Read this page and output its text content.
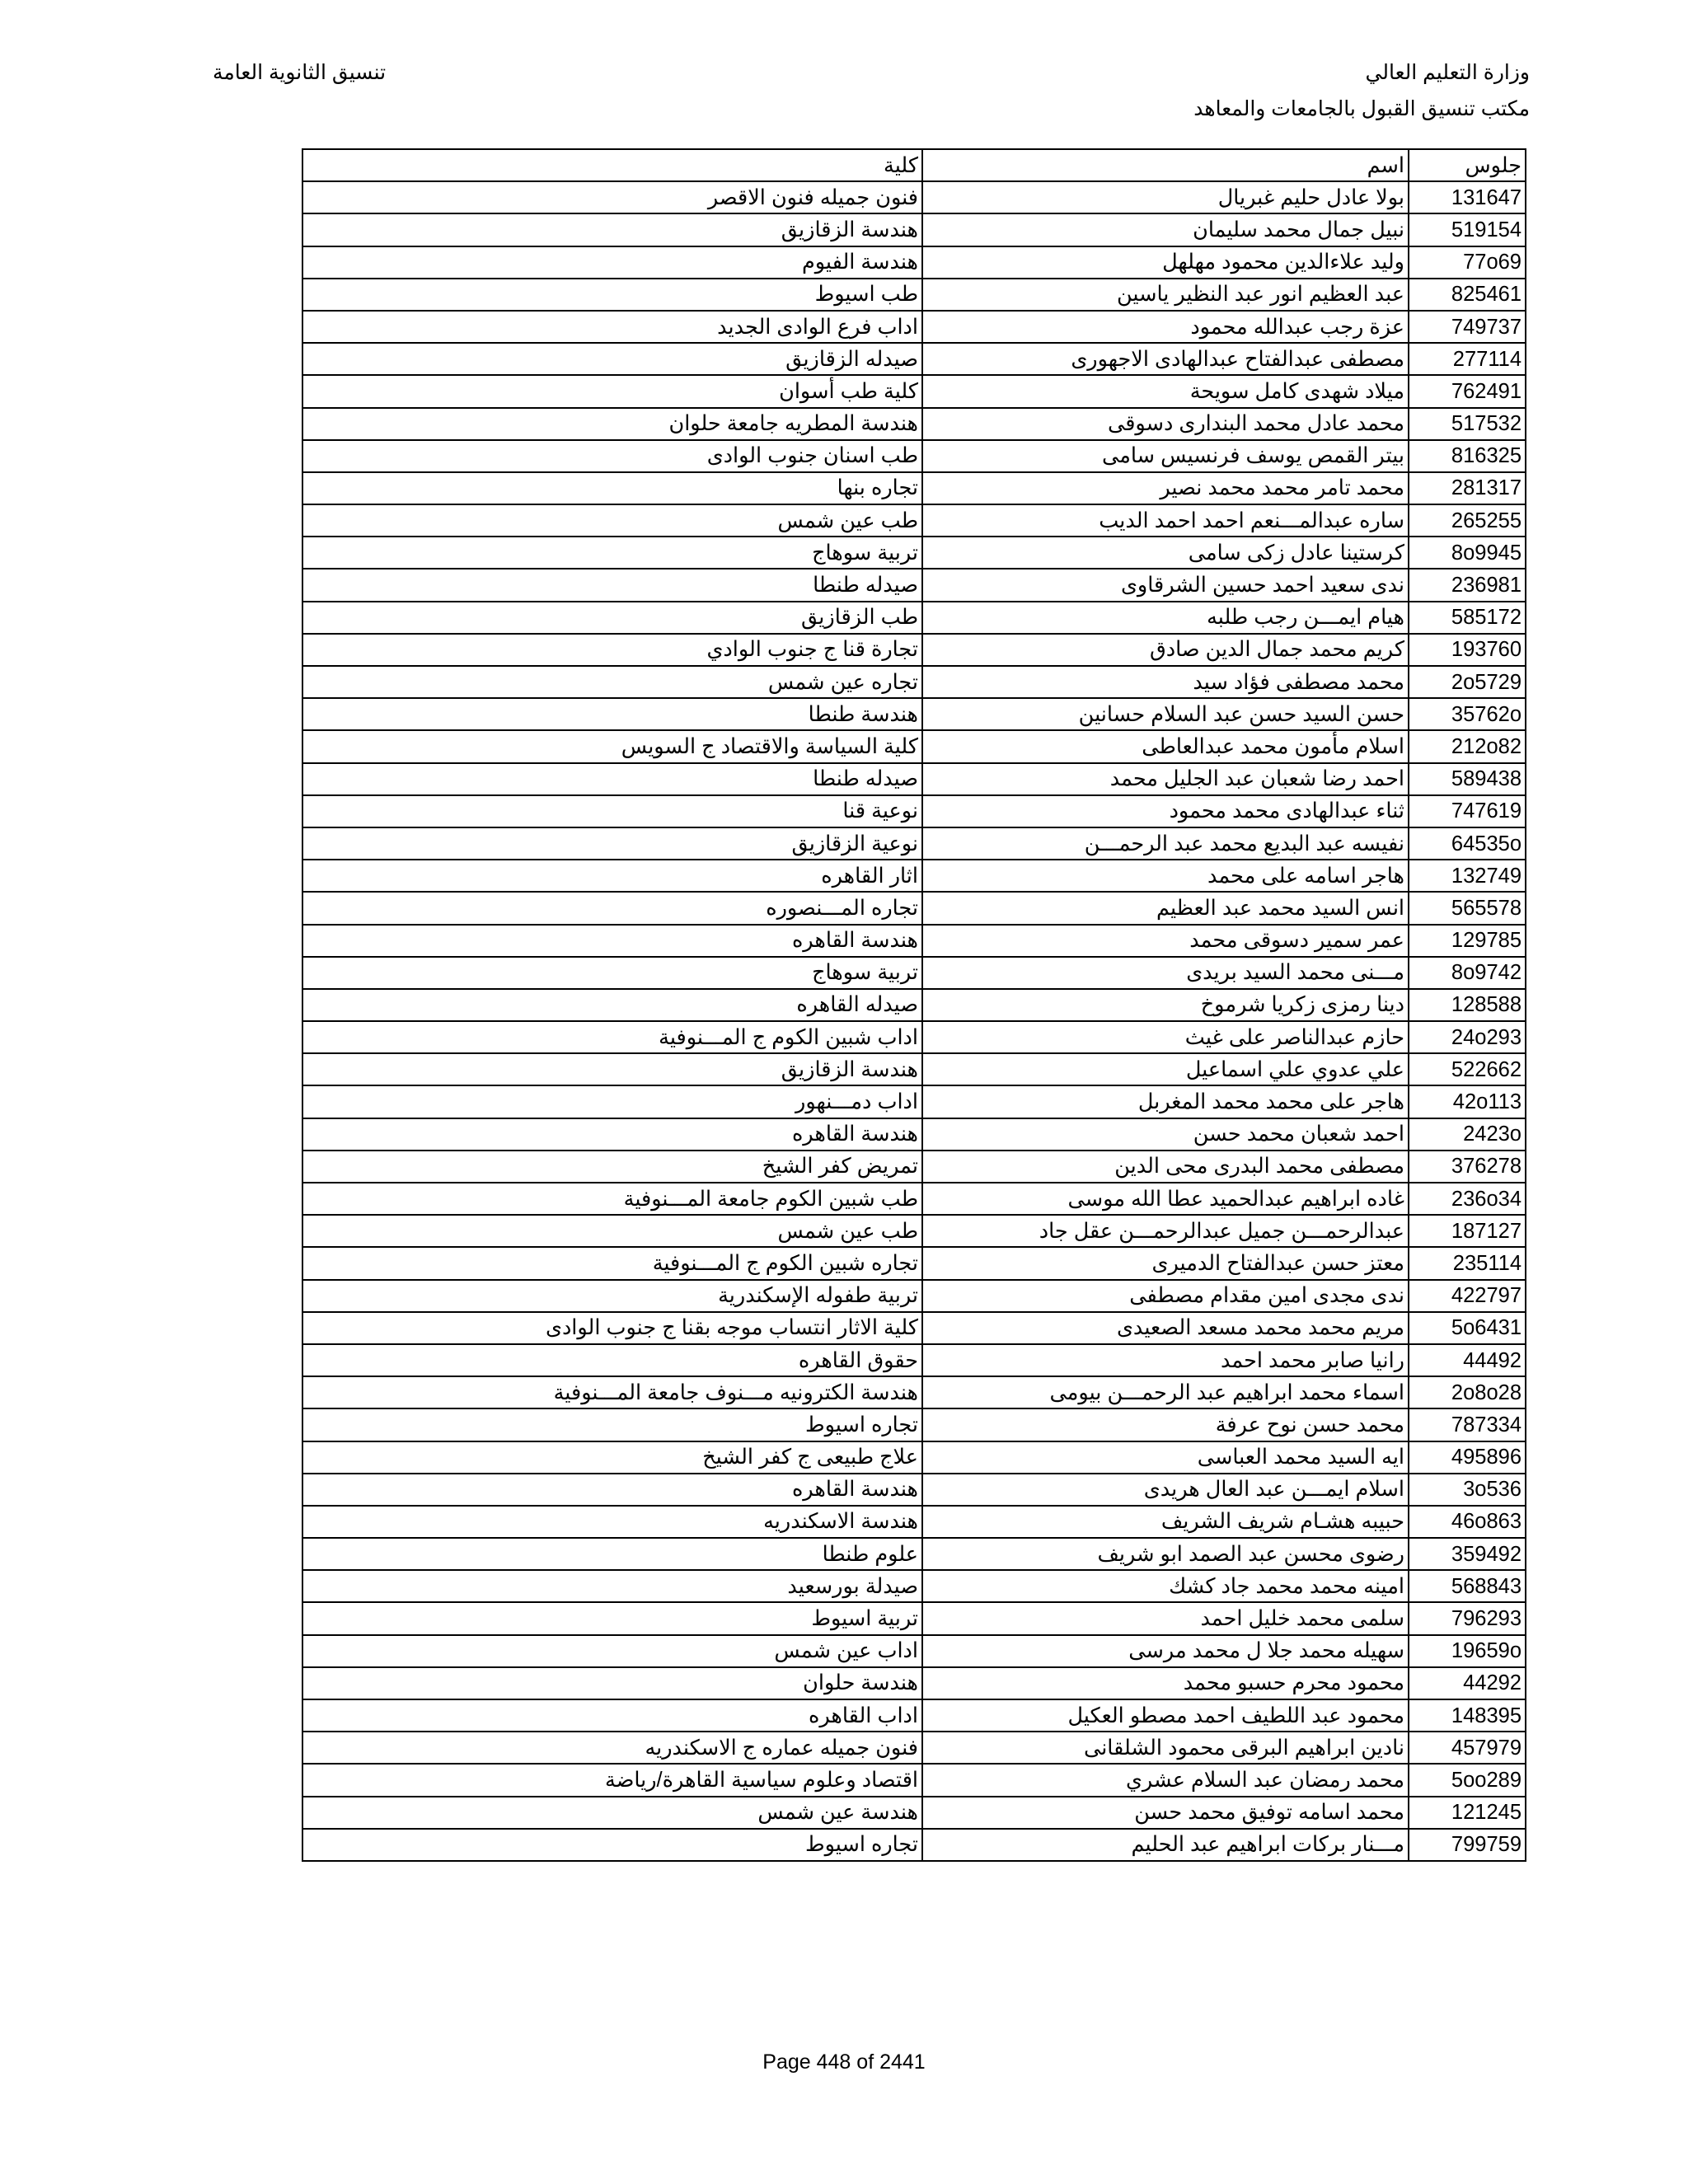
وزارة التعليم العالي
مكتب تنسيق القبول بالجامعات والمعاهد
تنسيق الثانوية العامة
جلوس	اسم	كلية
131647	بولا عادل حليم غبريال	فنون جميله فنون الاقصر
519154	نبيل جمال محمد سليمان	هندسة الزقازيق
77o69	وليد علاءالدين محمود مهلهل	هندسة الفيوم
825461	عبد العظيم انور عبد النظير ياسين	طب اسيوط
749737	عزة رجب عبدالله محمود	اداب فرع الوادى الجديد
277114	مصطفى عبدالفتاح عبدالهادى الاجهورى	صيدله الزقازيق
762491	ميلاد شهدى كامل سويحة	كلية طب أسوان
517532	محمد عادل محمد البندارى دسوقى	هندسة المطريه جامعة حلوان
816325	بيتر القمص يوسف فرنسيس سامى	طب اسنان جنوب الوادى
281317	محمد تامر محمد محمد نصير	تجاره بنها
265255	ساره عبدالمـــنعم احمد احمد الديب	طب عين شمس
8o9945	كرستينا عادل زكى سامى	تربية سوهاج
236981	ندى سعيد احمد حسين الشرقاوى	صيدله طنطا
585172	هيام ايمـــن رجب طلبه	طب الزقازيق
193760	كريم محمد جمال الدين صادق	تجارة قنا ج جنوب الوادي
2o5729	محمد مصطفى فؤاد سيد	تجاره عين شمس
35762o	حسن السيد حسن عبد السلام حسانين	هندسة طنطا
212o82	اسلام مأمون محمد عبدالعاطى	كلية السياسة والاقتصاد ج السويس
589438	احمد رضا شعبان عبد الجليل محمد	صيدله طنطا
747619	ثناء عبدالهادى محمد محمود	نوعية قنا
64535o	نفيسه عبد البديع محمد عبد الرحمـــن	نوعية الزقازيق
132749	هاجر اسامه على محمد	اثار القاهره
565578	انس السيد محمد عبد العظيم	تجاره المـــنصوره
129785	عمر سمير دسوقى محمد	هندسة القاهره
8o9742	مـــنى محمد السيد بريدى	تربية سوهاج
128588	دينا رمزى زكريا شرموخ	صيدله القاهره
24o293	حازم عبدالناصر على غيث	اداب شبين الكوم ج المـــنوفية
522662	علي عدوي علي اسماعيل	هندسة الزقازيق
42o113	هاجر على محمد محمد المغربل	اداب دمـــنهور
2423o	احمد شعبان محمد حسن	هندسة القاهره
376278	مصطفى محمد البدرى محى الدين	تمريض كفر الشيخ
236o34	غاده ابراهيم عبدالحميد عطا الله موسى	طب شبين الكوم جامعة المـــنوفية
187127	عبدالرحمـــن جميل عبدالرحمـــن عقل جاد	طب عين شمس
235114	معتز حسن عبدالفتاح الدميرى	تجاره شبين الكوم ج المـــنوفية
422797	ندى مجدى امين مقدام مصطفى	تربية طفوله الإسكندرية
5o6431	مريم محمد محمد مسعد الصعيدى	كلية الاثار انتساب موجه بقنا ج جنوب الوادى
44492	رانيا صابر محمد احمد	حقوق القاهره
2o8o28	اسماء محمد ابراهيم عبد الرحمـــن بيومى	هندسة الكترونيه مـــنوف جامعة المـــنوفية
787334	محمد حسن نوح عرفة	تجاره اسيوط
495896	ايه السيد محمد العباسى	علاج طبيعى ج كفر الشيخ
3o536	اسلام ايمـــن عبد العال هريدى	هندسة القاهره
46o863	حبيبه هشـام شريف الشريف	هندسة الاسكندريه
359492	رضوى محسن عبد الصمد ابو شريف	علوم طنطا
568843	امينه محمد محمد جاد كشك	صيدلة بورسعيد
796293	سلمى محمد خليل احمد	تربية اسيوط
19659o	سهيله محمد جلا ل محمد مرسى	اداب عين شمس
44292	محمود محرم حسبو محمد	هندسة حلوان
148395	محمود عبد اللطيف احمد مصطو العكيل	اداب القاهره
457979	نادين ابراهيم البرقى محمود الشلقانى	فنون جميله عماره ج الاسكندريه
5oo289	محمد رمضان عبد السلام عشري	اقتصاد وعلوم سياسية القاهرة/رياضة
121245	محمد اسامه توفيق محمد حسن	هندسة عين شمس
799759	مـــنار بركات ابراهيم عبد الحليم	تجاره اسيوط
Page 448 of 2441
